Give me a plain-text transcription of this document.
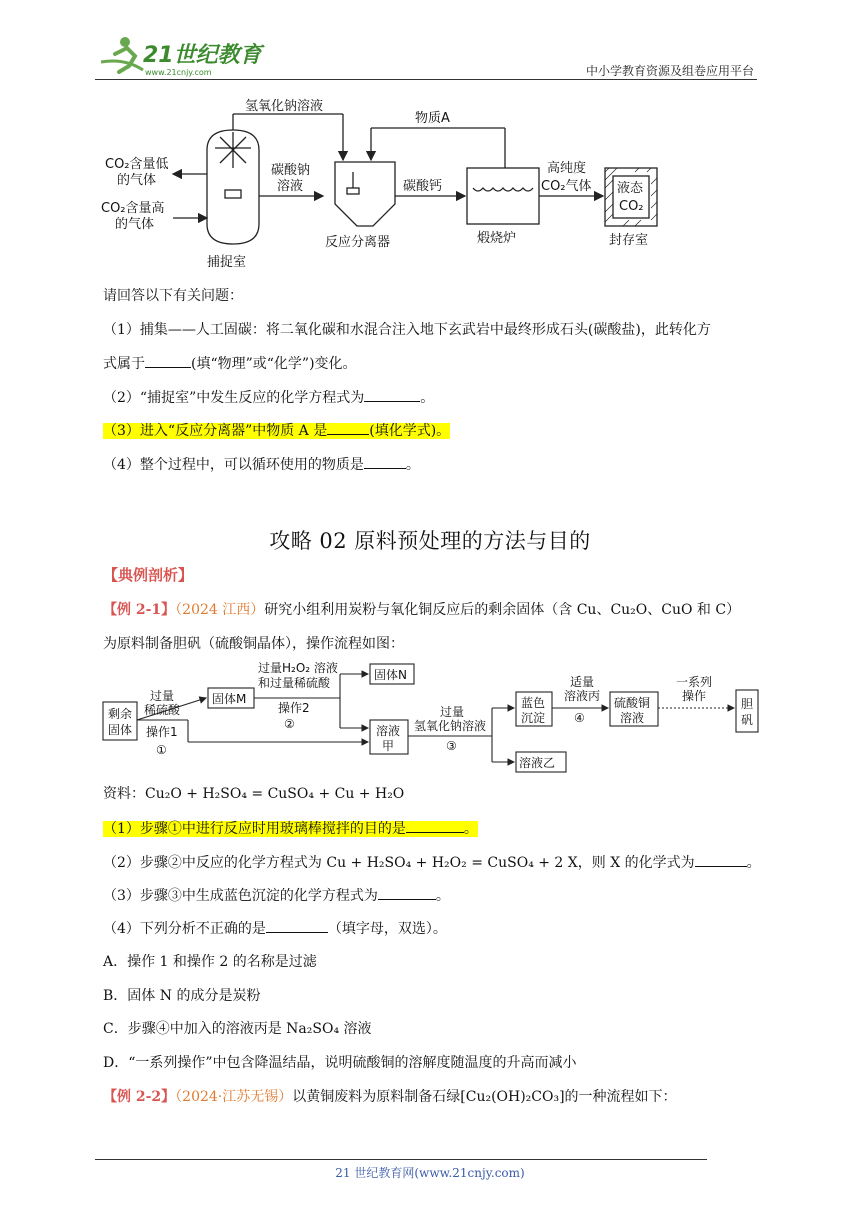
21世纪教育
www.21cnjy.com	中小学教育资源及组卷应用平台
氢氧化钠溶液
物质A
CO₂含量低
的气体
CO₂含量高
的气体
捕捉室
碳酸钠
溶液
反应分离器
碳酸钙
煅烧炉
高纯度
CO₂气体 液态
CO₂
封存室
请回答以下有关问题：
（1）捕集——人工固碳：将二氧化碳和水混合注入地下玄武岩中最终形成石头(碳酸盐)，此转化方
式属于	(填“物理”或“化学”)变化。
（2）“捕捉室”中发生反应的化学方程式为	。
（3）进入“反应分离器”中物质 A 是	(填化学式)。
（4）整个过程中，可以循环使用的物质是	。
攻略 02 原料预处理的方法与目的
【典例剖析】
【例 2-1】（2024 江西）研究小组利用炭粉与氧化铜反应后的剩余固体（含 Cu、Cu₂O、CuO 和 C）
为原料制备胆矾（硫酸铜晶体），操作流程如图：
剩余
固体
过量
稀硫酸
操作1
①
固体M
过量H₂O₂ 溶液
和过量稀硫酸
操作2
②
固体N
溶液
甲
过量
氢氧化钠溶液
③
蓝色
沉淀
溶液乙
适量
溶液丙
④
硫酸铜
溶液
一系列
操作
胆
矾
资料：Cu₂O + H₂SO₄ = CuSO₄ + Cu + H₂O
（1）步骤①中进行反应时用玻璃棒搅拌的目的是	。
（2）步骤②中反应的化学方程式为 Cu + H₂SO₄ + H₂O₂ = CuSO₄ + 2 X，则 X 的化学式为	。
（3）步骤③中生成蓝色沉淀的化学方程式为	。
（4）下列分析不正确的是	（填字母，双选）。
A．操作 1 和操作 2 的名称是过滤
B．固体 N 的成分是炭粉
C．步骤④中加入的溶液丙是 Na₂SO₄ 溶液
D．“一系列操作”中包含降温结晶，说明硫酸铜的溶解度随温度的升高而减小
【例 2-2】（2024·江苏无锡）以黄铜废料为原料制备石绿[Cu₂(OH)₂CO₃]的一种流程如下：
21 世纪教育网(www.21cnjy.com)
